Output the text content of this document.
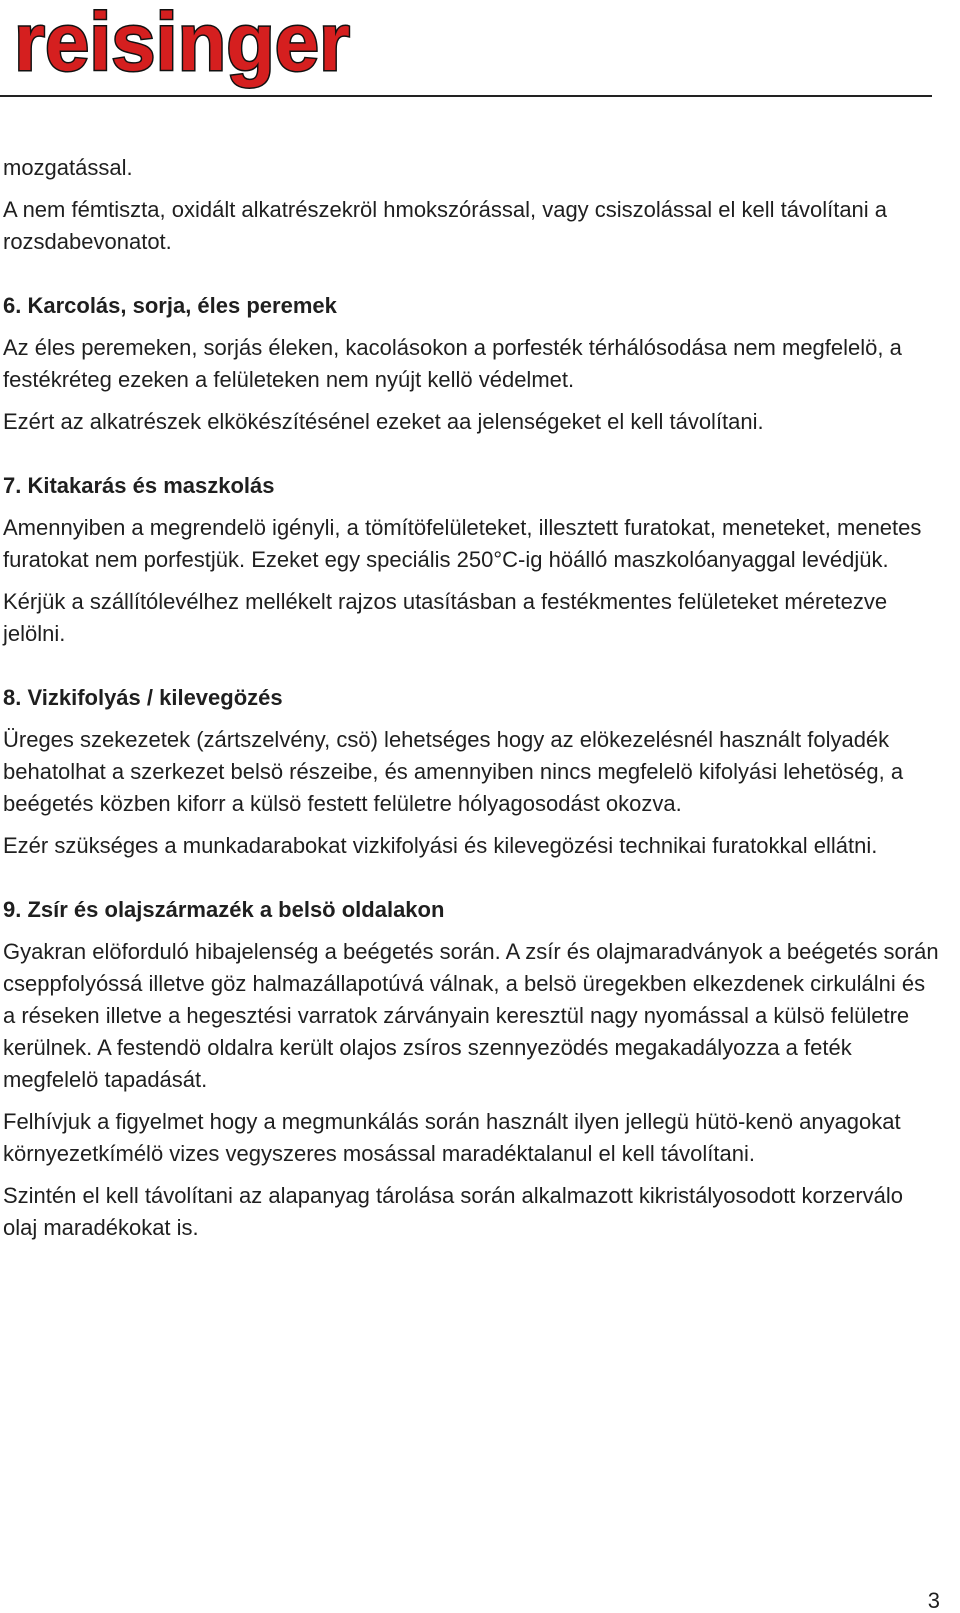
reisinger

mozgatással.

A nem fémtiszta, oxidált alkatrészekröl hmokszórással, vagy csiszolással el kell távolítani a rozsdabevonatot.

6. Karcolás, sorja, éles peremek

Az éles peremeken, sorjás éleken, kacolásokon a porfesték térhálósodása nem megfelelö, a festékréteg ezeken a felületeken nem nyújt kellö védelmet.

Ezért az alkatrészek elkökészítésénel ezeket aa jelenségeket el kell távolítani.

7. Kitakarás és maszkolás

Amennyiben a megrendelö igényli, a tömítöfelületeket, illesztett furatokat, meneteket, menetes furatokat nem porfestjük. Ezeket egy speciális 250°C-ig höálló maszkolóanyaggal levédjük.

Kérjük a szállítólevélhez mellékelt rajzos utasításban a festékmentes felületeket méretezve jelölni.

8. Vizkifolyás / kilevegözés

Üreges szekezetek (zártszelvény, csö) lehetséges hogy az elökezelésnél használt folyadék behatolhat a szerkezet belsö részeibe, és amennyiben nincs megfelelö kifolyási lehetöség, a beégetés közben kiforr a külsö festett felületre hólyagosodást okozva.

Ezér szükséges a munkadarabokat vizkifolyási és kilevegözési technikai furatokkal ellátni.

9. Zsír és olajszármazék a belsö oldalakon

Gyakran elöforduló hibajelenség a beégetés során. A zsír és olajmaradványok a beégetés során cseppfolyóssá illetve göz halmazállapotúvá válnak, a belsö üregekben elkezdenek cirkulálni és a réseken illetve a hegesztési varratok zárványain keresztül nagy nyomással a külsö felületre kerülnek. A festendö oldalra került olajos zsíros szennyezödés megakadályozza a feték megfelelö tapadását.

Felhívjuk a figyelmet hogy a megmunkálás során használt ilyen jellegü hütö-kenö anyagokat környezetkímélö vizes vegyszeres mosással maradéktalanul el kell távolítani.

Szintén el kell távolítani az alapanyag tárolása során alkalmazott kikristályosodott korzerválo olaj maradékokat is.

3
